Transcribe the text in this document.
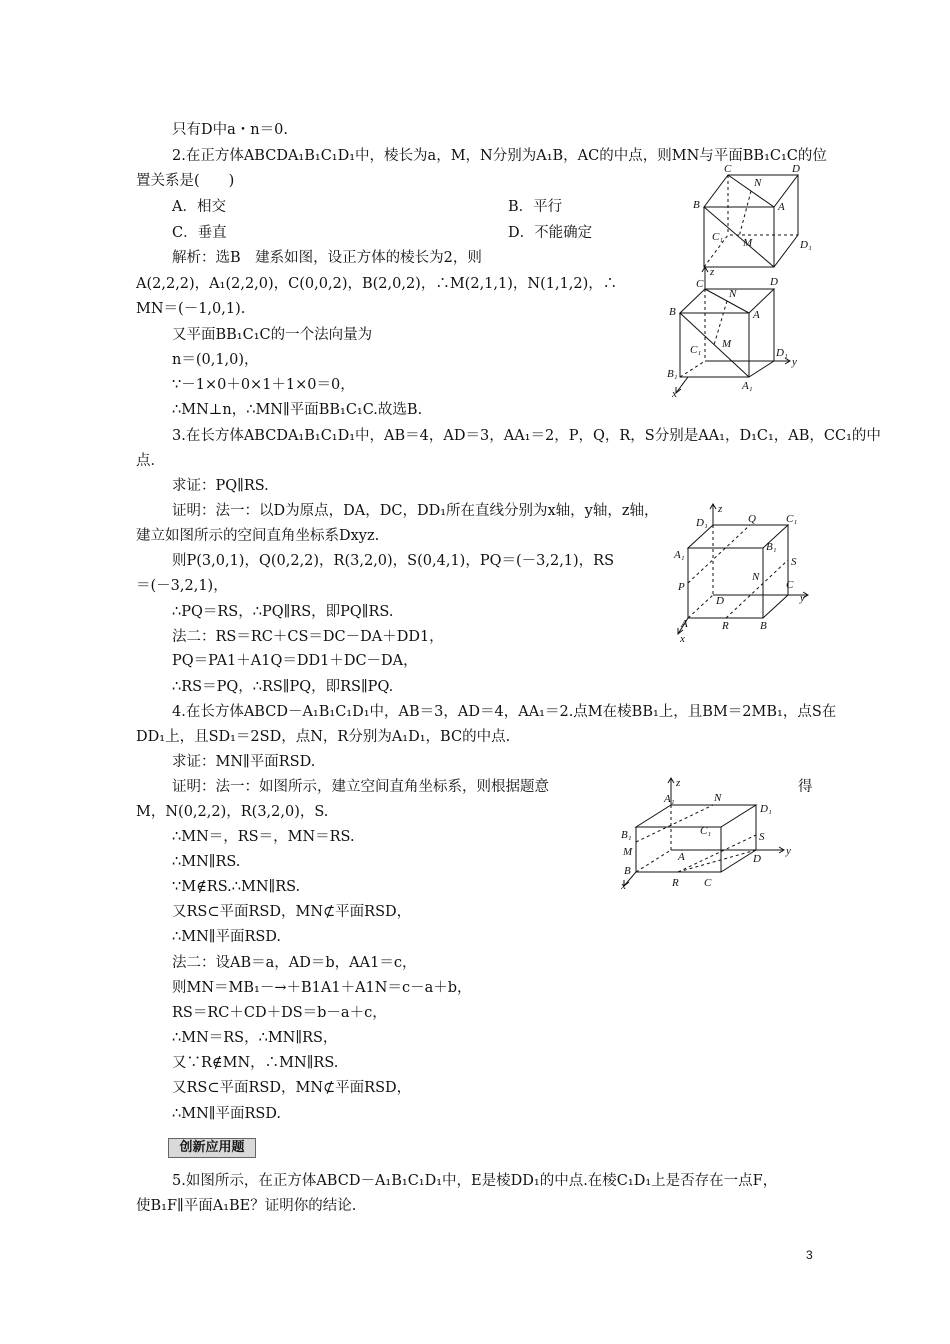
只有D中a・n＝0.
2.在正方体ABCDA₁B₁C₁D₁中，棱长为a，M，N分别为A₁B，AC的中点，则MN与平面BB₁C₁C的位
置关系是(　　)
A．相交	B．平行
C．垂直	D．不能确定
解析：选B　建系如图，设正方体的棱长为2，则
A(2,2,2)，A₁(2,2,0)，C(0,0,2)，B(2,0,2)，∴M(2,1,1)，N(1,1,2)，∴
MN＝(－1,0,1).
又平面BB₁C₁C的一个法向量为
n＝(0,1,0)，
∵－1×0＋0×1＋1×0＝0，
∴MN⊥n，∴MN∥平面BB₁C₁C.故选B.
3.在长方体ABCDA₁B₁C₁D₁中，AB＝4，AD＝3，AA₁＝2，P，Q，R，S分别是AA₁，D₁C₁，AB，CC₁的中
点．
求证：PQ∥RS.
证明：法一：以D为原点，DA，DC，DD₁所在直线分别为x轴，y轴，z轴，
建立如图所示的空间直角坐标系Dxyz.
则P(3,0,1)，Q(0,2,2)，R(3,2,0)，S(0,4,1)，PQ＝(－3,2,1)，RS
＝(－3,2,1)，
∴PQ＝RS，∴PQ∥RS，即PQ∥RS.
法二：RS＝RC＋CS＝DC－DA＋DD1，
PQ＝PA1＋A1Q＝DD1＋DC－DA，
∴RS＝PQ，∴RS∥PQ，即RS∥PQ.
4.在长方体ABCD－A₁B₁C₁D₁中，AB＝3，AD＝4，AA₁＝2.点M在棱BB₁上，且BM＝2MB₁，点S在
DD₁上，且SD₁＝2SD，点N，R分别为A₁D₁，BC的中点.
求证：MN∥平面RSD.
证明：法一：如图所示，建立空间直角坐标系，则根据题意	得
M，N(0,2,2)，R(3,2,0)，S.
∴MN＝，RS＝，MN＝RS.
∴MN∥RS.
∵M∉RS.∴MN∥RS.
又RS⊂平面RSD，MN⊄平面RSD，
∴MN∥平面RSD.
法二：设AB＝a，AD＝b，AA1＝c，
则MN＝MB₁－→＋B1A1＋A1N＝c－a＋b，
RS＝RC＋CD＋DS＝b－a＋c，
∴MN＝RS，∴MN∥RS，
又∵R∉MN，∴MN∥RS.
又RS⊂平面RSD，MN⊄平面RSD，
∴MN∥平面RSD.
创新应用题
5.如图所示，在正方体ABCD－A₁B₁C₁D₁中，E是棱DD₁的中点.在棱C₁D₁上是否存在一点F，
使B₁F∥平面A₁BE？证明你的结论.
3
C
N
D
B	A
C₁ M	D₁
z
C
N
D
B	A
C₁ M
D₁
y
B₁
A₁
x
z
D₁	Q	C₁
A₁
B₁
S
N
C
P
D	y
A	R	B
x
z
A₁	N
D₁
B₁	C₁	S
M	A	D
y
B
R C
x
